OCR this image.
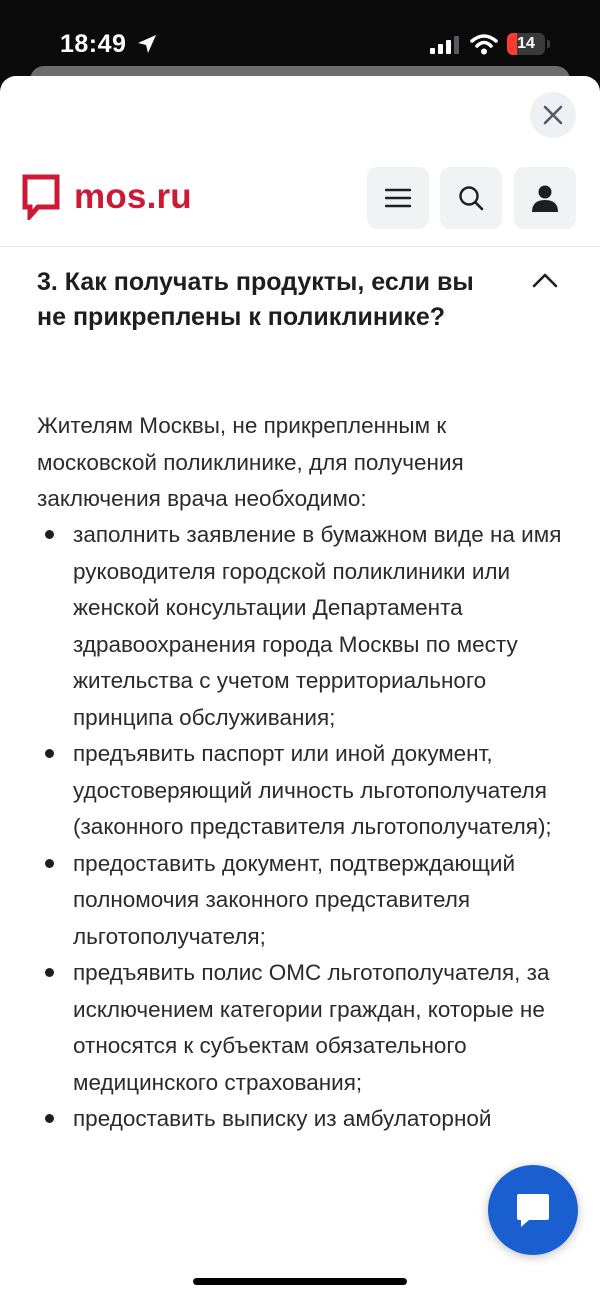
18:49	14
mos.ru
3. Как получать продукты, если вы не прикреплены к поликлинике?

Жителям Москвы, не прикрепленным к московской поликлинике, для получения заключения врача необходимо:

заполнить заявление в бумажном виде на имя руководителя городской поликлиники или женской консультации Департамента здравоохранения города Москвы по месту жительства с учетом территориального принципа обслуживания;
предъявить паспорт или иной документ, удостоверяющий личность льготополучателя (законного представителя льготополучателя);
предоставить документ, подтверждающий полномочия законного представителя льготополучателя;
предъявить полис ОМС льготополучателя, за исключением категории граждан, которые не относятся к субъектам обязательного медицинского страхования;
предоставить выписку из амбулаторной
